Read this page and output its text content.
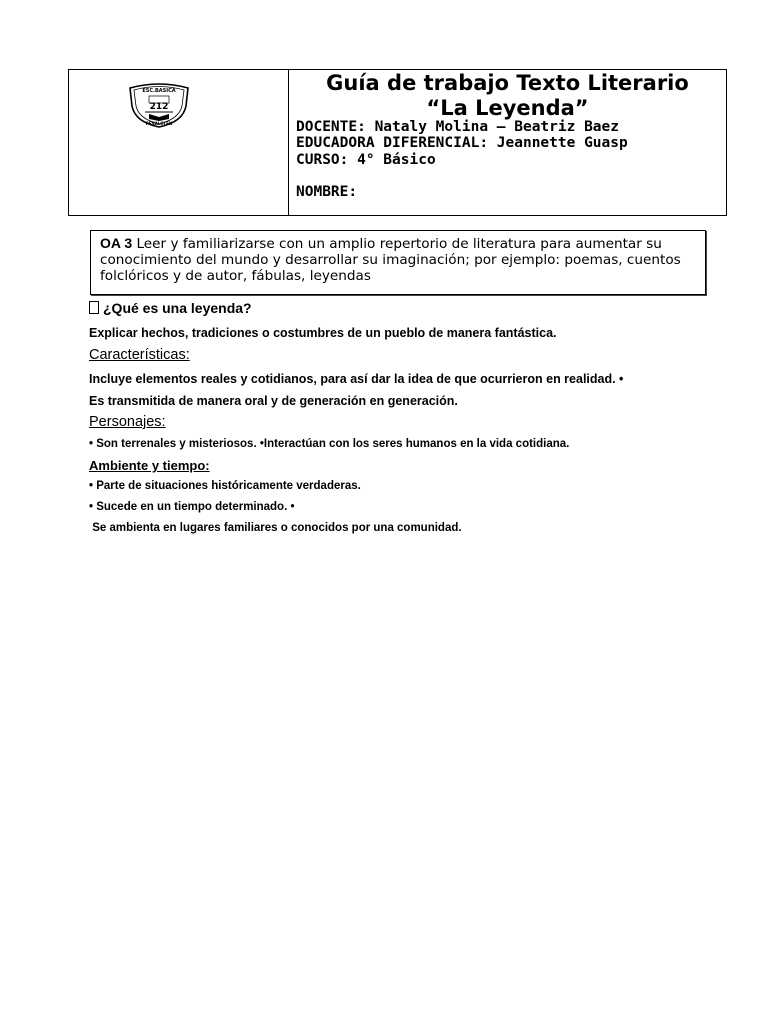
ESC.BASICA
212
PEÑALOLÉN
Guía de trabajo Texto Literario
“La Leyenda”
DOCENTE: Nataly Molina – Beatriz Baez
EDUCADORA DIFERENCIAL: Jeannette Guasp
CURSO: 4° Básico
NOMBRE:
OA 3 Leer y familiarizarse con un amplio repertorio de literatura para aumentar su conocimiento del mundo y desarrollar su imaginación; por ejemplo: poemas, cuentos folclóricos y de autor, fábulas, leyendas
¿Qué es una leyenda?
Explicar hechos, tradiciones o costumbres de un pueblo de manera fantástica.
Características:
Incluye elementos reales y cotidianos, para así dar la idea de que ocurrieron en realidad. •
Es transmitida de manera oral y de generación en generación.
Personajes:
• Son terrenales y misteriosos. •Interactúan con los seres humanos en la vida cotidiana.
Ambiente y tiempo:
• Parte de situaciones históricamente verdaderas.
• Sucede en un tiempo determinado. •
Se ambienta en lugares familiares o conocidos por una comunidad.
